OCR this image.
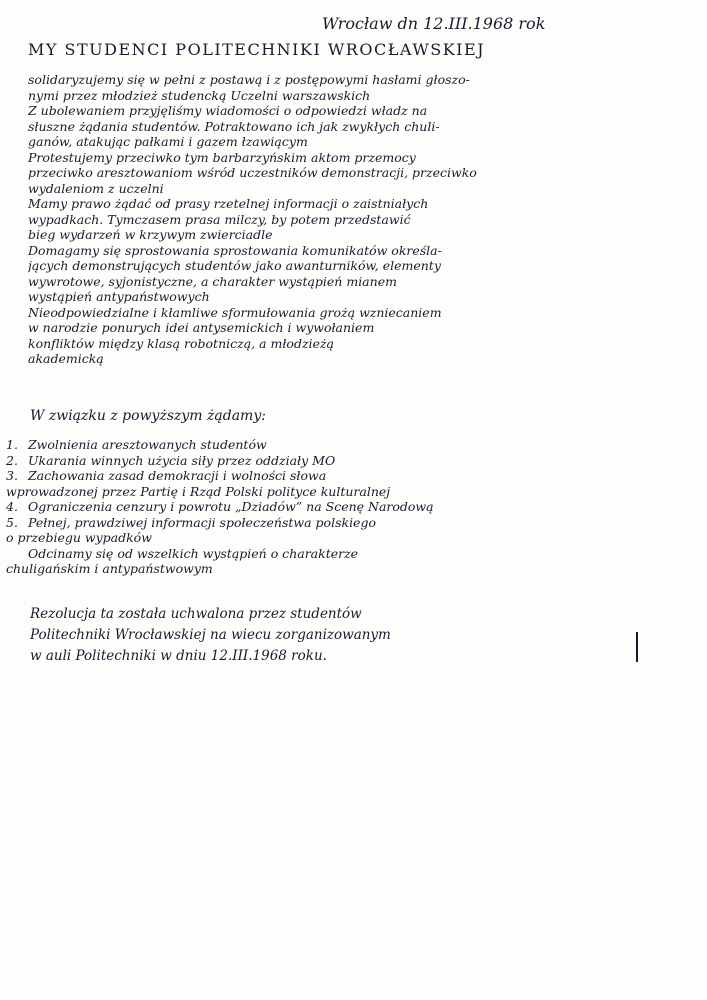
Wrocław dn 12.III.1968 rok
MY STUDENCI POLITECHNIKI WROCŁAWSKIEJ
solidaryzujemy się w pełni z postawą i z postępowymi hasłami głoszo-
nymi przez młodzież studencką Uczelni warszawskich
Z ubolewaniem przyjęliśmy wiadomości o odpowiedzi władz na
słuszne żądania studentów. Potraktowano ich jak zwykłych chuli-
ganów, atakując pałkami i gazem łzawiącym
Protestujemy przeciwko tym barbarzyńskim aktom przemocy
przeciwko aresztowaniom wśród uczestników demonstracji, przeciwko
wydaleniom z uczelni
Mamy prawo żądać od prasy rzetelnej informacji o zaistniałych
wypadkach. Tymczasem prasa milczy, by potem przedstawić
bieg wydarzeń w krzywym zwierciadle
Domagamy się sprostowania sprostowania komunikatów określa-
jących demonstrujących studentów jako awanturników, elementy
wywrotowe, syjonistyczne, a charakter wystąpień mianem
wystąpień antypaństwowych
Nieodpowiedzialne i kłamliwe sformułowania grożą wzniecaniem
w narodzie ponurych idei antysemickich i wywołaniem
konfliktów między klasą robotniczą, a młodzieżą
akademicką
W związku z powyższym żądamy:
1. Zwolnienia aresztowanych studentów
2. Ukarania winnych użycia siły przez oddziały MO
3. Zachowania zasad demokracji i wolności słowa
wprowadzonej przez Partię i Rząd Polski polityce kulturalnej
4. Ograniczenia cenzury i powrotu „Dziadów” na Scenę Narodową
5. Pełnej, prawdziwej informacji społeczeństwa polskiego
o przebiegu wypadków
Odcinamy się od wszelkich wystąpień o charakterze
chuligańskim i antypaństwowym
Rezolucja ta została uchwalona przez studentów
Politechniki Wrocławskiej na wiecu zorganizowanym
w auli Politechniki w dniu 12.III.1968 roku.
